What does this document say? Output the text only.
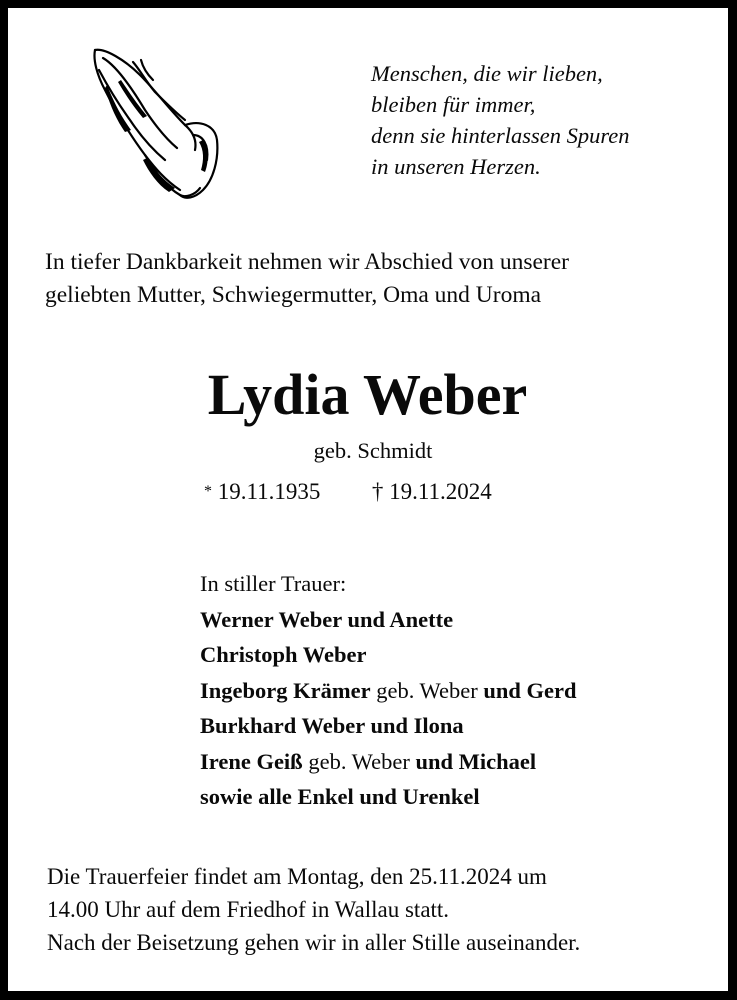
Menschen, die wir lieben,
bleiben für immer,
denn sie hinterlassen Spuren
in unseren Herzen.
In tiefer Dankbarkeit nehmen wir Abschied von unserer
geliebten Mutter, Schwiegermutter, Oma und Uroma
Lydia Weber
geb. Schmidt
* 19.11.1935 † 19.11.2024
In stiller Trauer:
Werner Weber und Anette
Christoph Weber
Ingeborg Krämer geb. Weber und Gerd
Burkhard Weber und Ilona
Irene Geiß geb. Weber und Michael
sowie alle Enkel und Urenkel
Die Trauerfeier findet am Montag, den 25.11.2024 um
14.00 Uhr auf dem Friedhof in Wallau statt.
Nach der Beisetzung gehen wir in aller Stille auseinander.
